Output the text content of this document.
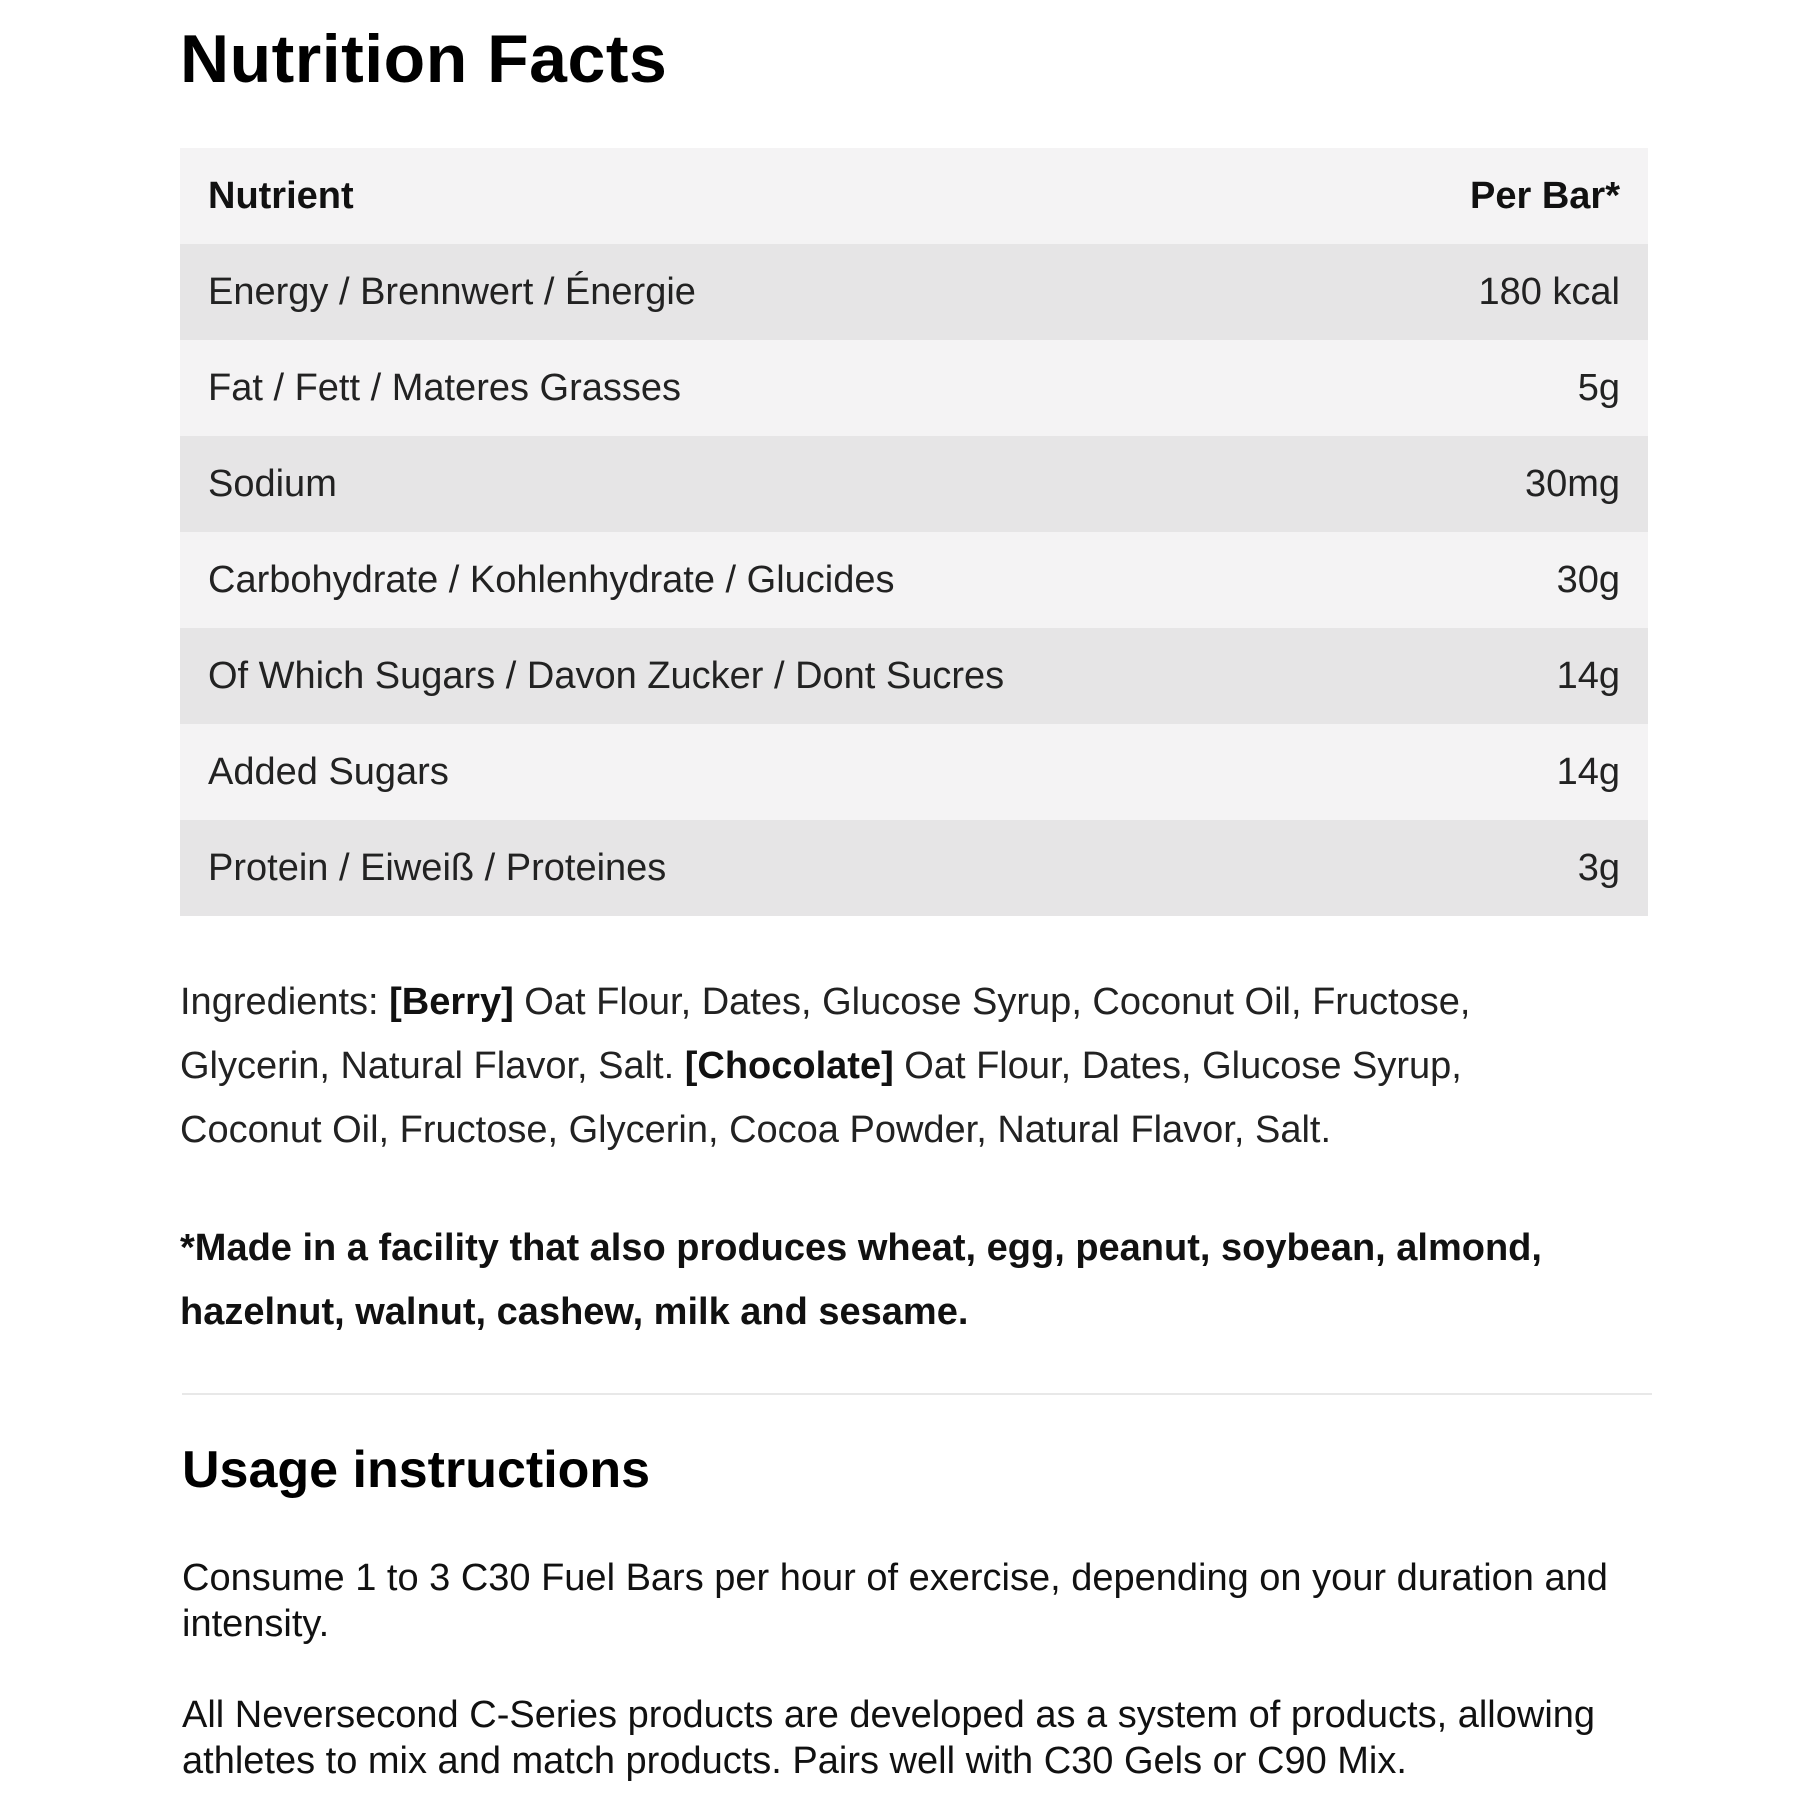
Nutrition Facts
Nutrient	Per Bar*
Energy / Brennwert / Énergie	180 kcal
Fat / Fett / Materes Grasses	5g
Sodium	30mg
Carbohydrate / Kohlenhydrate / Glucides	30g
Of Which Sugars / Davon Zucker / Dont Sucres	14g
Added Sugars	14g
Protein / Eiweiß / Proteines	3g

Ingredients: [Berry] Oat Flour, Dates, Glucose Syrup, Coconut Oil, Fructose, Glycerin, Natural Flavor, Salt. [Chocolate] Oat Flour, Dates, Glucose Syrup, Coconut Oil, Fructose, Glycerin, Cocoa Powder, Natural Flavor, Salt.

*Made in a facility that also produces wheat, egg, peanut, soybean, almond, hazelnut, walnut, cashew, milk and sesame.

Usage instructions

Consume 1 to 3 C30 Fuel Bars per hour of exercise, depending on your duration and intensity.

All Neversecond C-Series products are developed as a system of products, allowing athletes to mix and match products. Pairs well with C30 Gels or C90 Mix.
